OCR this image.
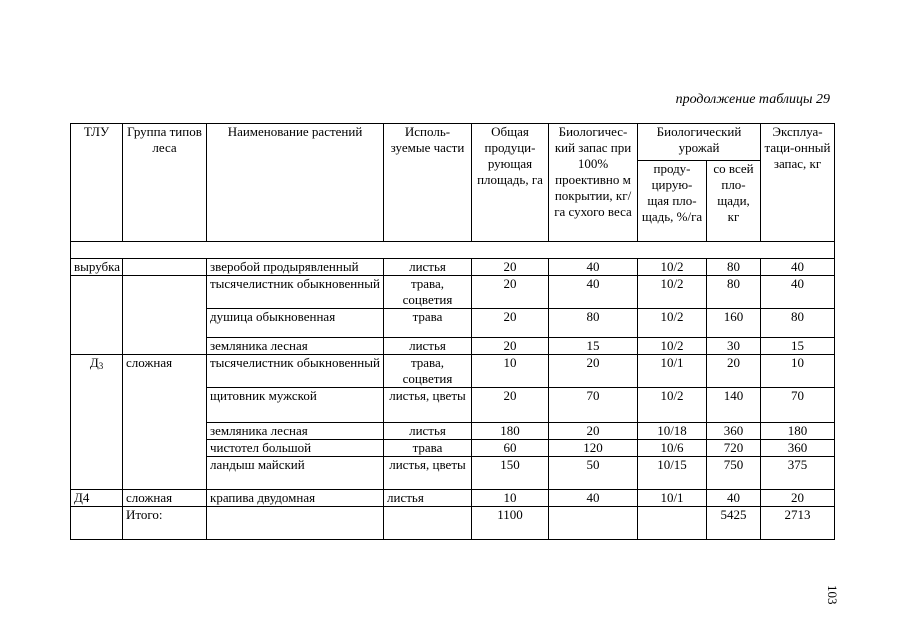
продолжение таблицы 29
ТЛУ	Группа типов леса	Наименование растений	Исполь-зуемые части	Общая продуци-рующая площадь, га	Биологичес-кий запас при 100% проективно м покрытии, кг/га сухого веса	Биологический урожай		Эксплуа-таци-онный запас, кг
						проду-цирую-щая пло-щадь, %/га	со всей пло-щади, кг	

вырубка		зверобой продырявленный	листья	20	40	10/2	80	40
		тысячелистник обыкновенный	трава, соцветия	20	40	10/2	80	40
		душица обыкновенная	трава	20	80	10/2	160	80
		земляника лесная	листья	20	15	10/2	30	15
$Д_3$	сложная	тысячелистник обыкновенный	трава, соцветия	10	20	10/1	20	10
		щитовник мужской	листья, цветы	20	70	10/2	140	70
		земляника лесная	листья	180	20	10/18	360	180
		чистотел большой	трава	60	120	10/6	720	360
		ландыш майский	листья, цветы	150	50	10/15	750	375
Д4	сложная	крапива двудомная	листья	10	40	10/1	40	20
	Итого:			1100			5425	2713
103
